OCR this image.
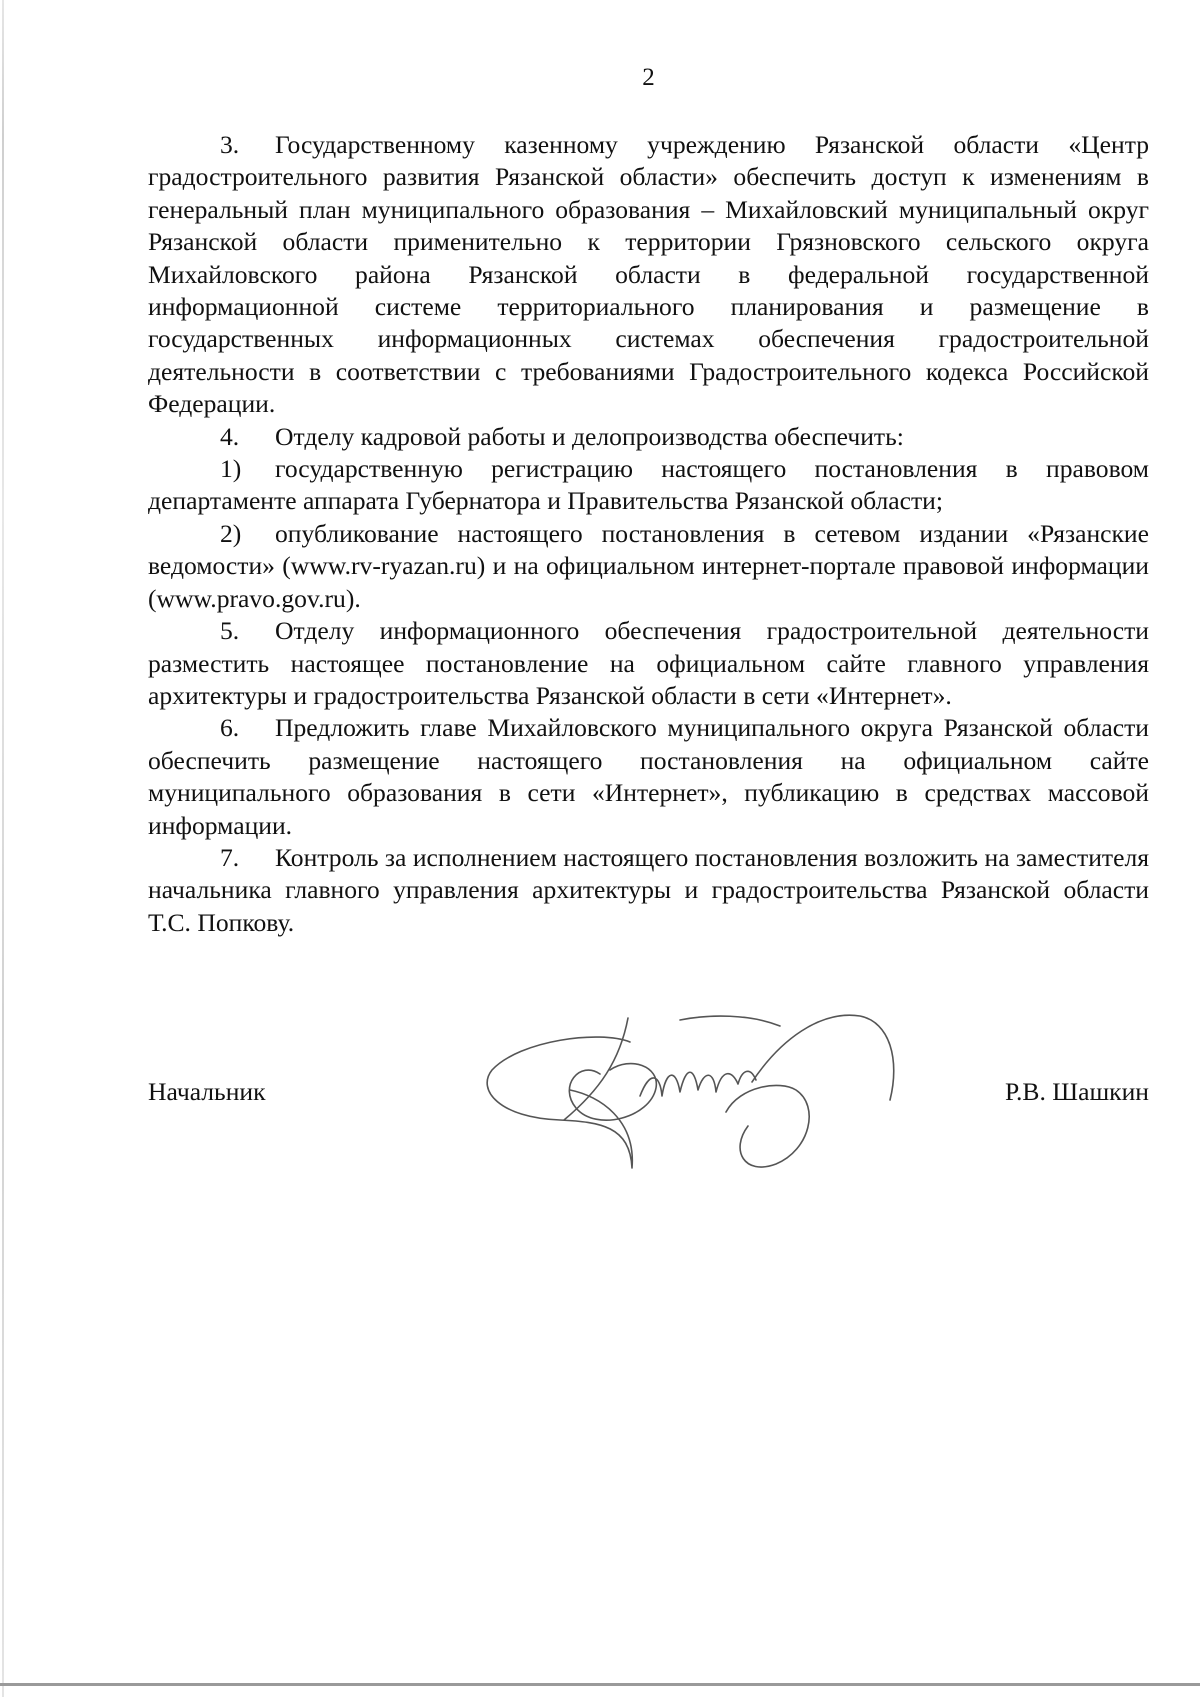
2

3. Государственному казенному учреждению Рязанской области «Центр градостроительного развития Рязанской области» обеспечить доступ к изменениям в генеральный план муниципального образования – Михайловский муниципальный округ Рязанской области применительно к территории Грязновского сельского округа Михайловского района Рязанской области в федеральной государственной информационной системе территориального планирования и размещение в государственных информационных системах обеспечения градостроительной деятельности в соответствии с требованиями Градостроительного кодекса Российской Федерации.

4. Отделу кадровой работы и делопроизводства обеспечить:

1) государственную регистрацию настоящего постановления в правовом департаменте аппарата Губернатора и Правительства Рязанской области;

2) опубликование настоящего постановления в сетевом издании «Рязанские ведомости» (www.rv-ryazan.ru) и на официальном интернет-портале правовой информации (www.pravo.gov.ru).

5. Отделу информационного обеспечения градостроительной деятельности разместить настоящее постановление на официальном сайте главного управления архитектуры и градостроительства Рязанской области в сети «Интернет».

6. Предложить главе Михайловского муниципального округа Рязанской области обеспечить размещение настоящего постановления на официальном сайте муниципального образования в сети «Интернет», публикацию в средствах массовой информации.

7. Контроль за исполнением настоящего постановления возложить на заместителя начальника главного управления архитектуры и градостроительства Рязанской области Т.С. Попкову.

Начальник	Р.В. Шашкин
